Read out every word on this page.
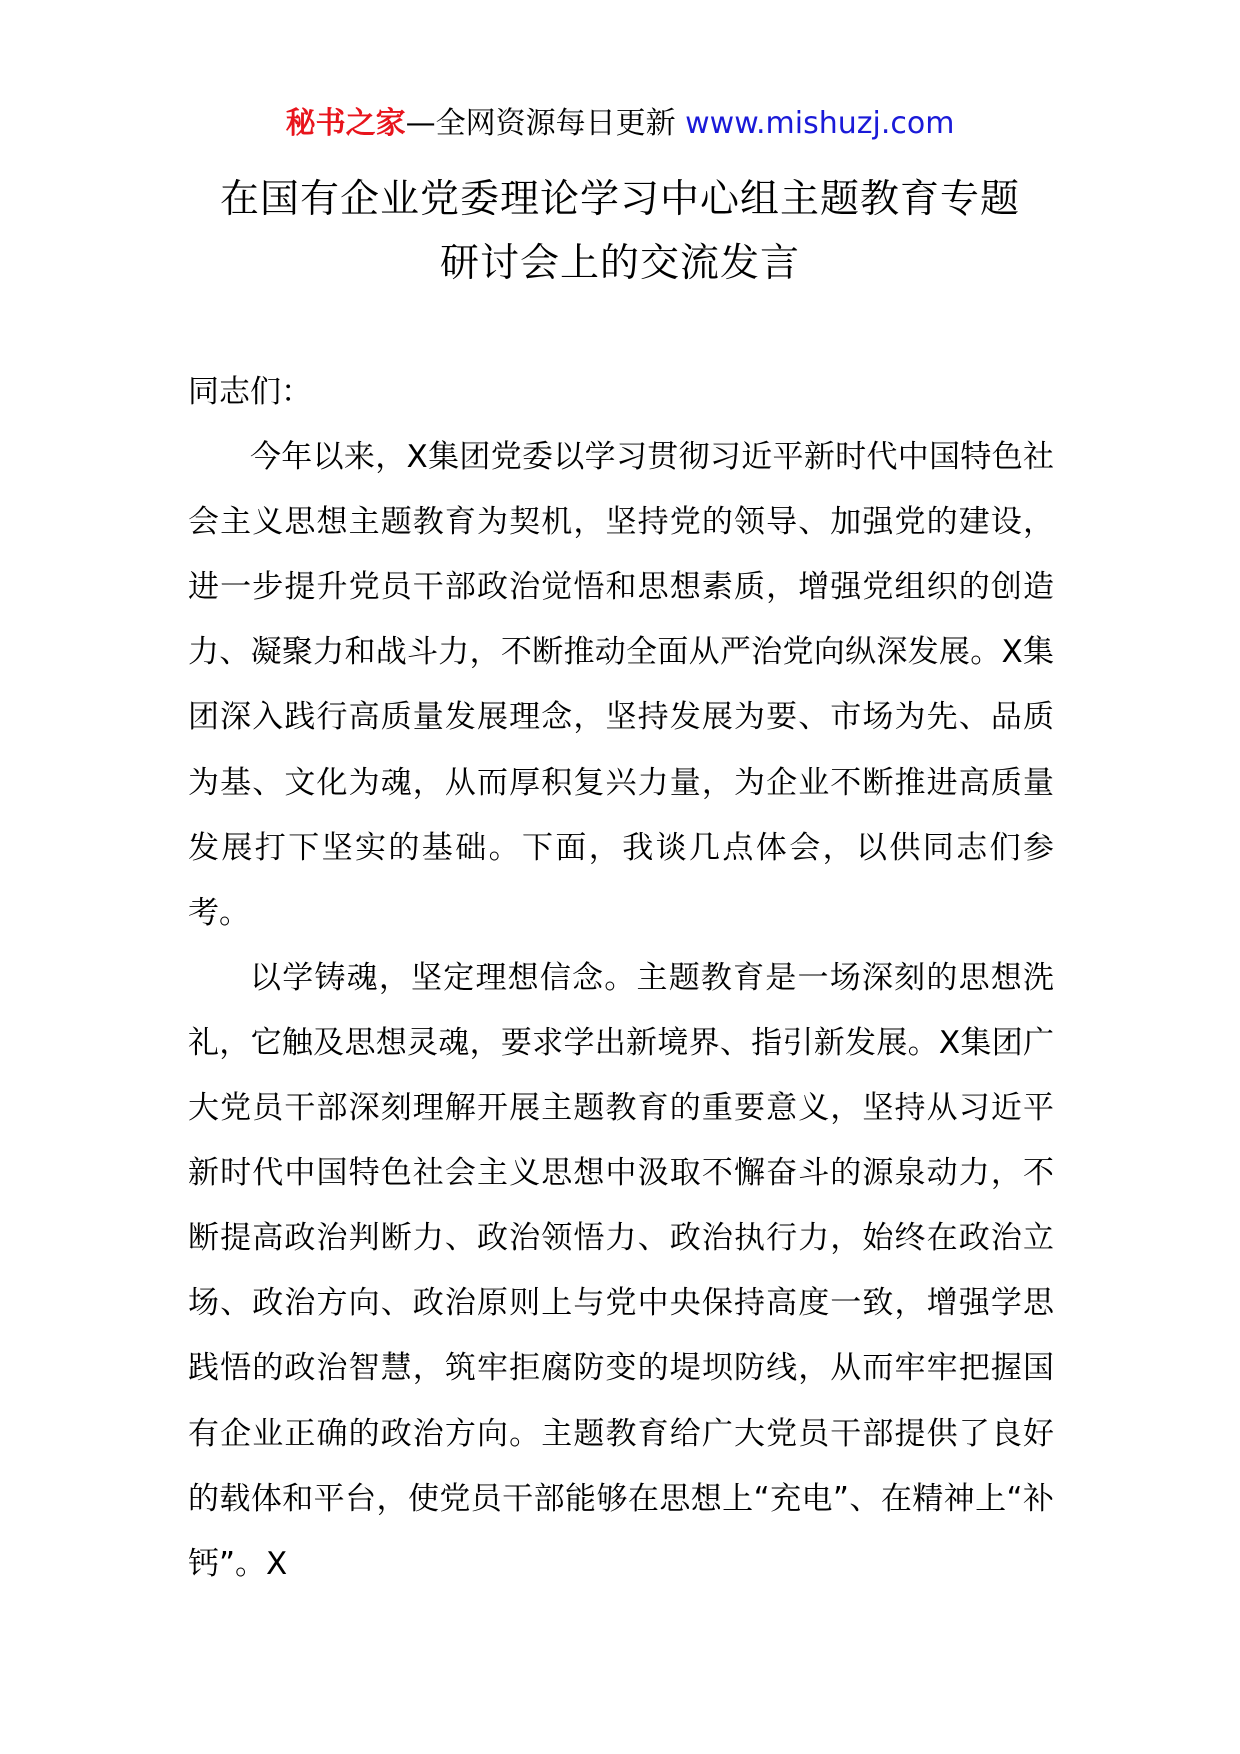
秘书之家—全网资源每日更新 www.mishuzj.com
在国有企业党委理论学习中心组主题教育专题
研讨会上的交流发言

同志们：

今年以来，X集团党委以学习贯彻习近平新时代中国特色社会主义思想主题教育为契机，坚持党的领导、加强党的建设，进一步提升党员干部政治觉悟和思想素质，增强党组织的创造力、凝聚力和战斗力，不断推动全面从严治党向纵深发展。X集团深入践行高质量发展理念，坚持发展为要、市场为先、品质为基、文化为魂，从而厚积复兴力量，为企业不断推进高质量发展打下坚实的基础。下面，我谈几点体会，以供同志们参考。

以学铸魂，坚定理想信念。主题教育是一场深刻的思想洗礼，它触及思想灵魂，要求学出新境界、指引新发展。X集团广大党员干部深刻理解开展主题教育的重要意义，坚持从习近平新时代中国特色社会主义思想中汲取不懈奋斗的源泉动力，不断提高政治判断力、政治领悟力、政治执行力，始终在政治立场、政治方向、政治原则上与党中央保持高度一致，增强学思践悟的政治智慧，筑牢拒腐防变的堤坝防线，从而牢牢把握国有企业正确的政治方向。主题教育给广大党员干部提供了良好的载体和平台，使党员干部能够在思想上“充电”、在精神上“补钙”。X
